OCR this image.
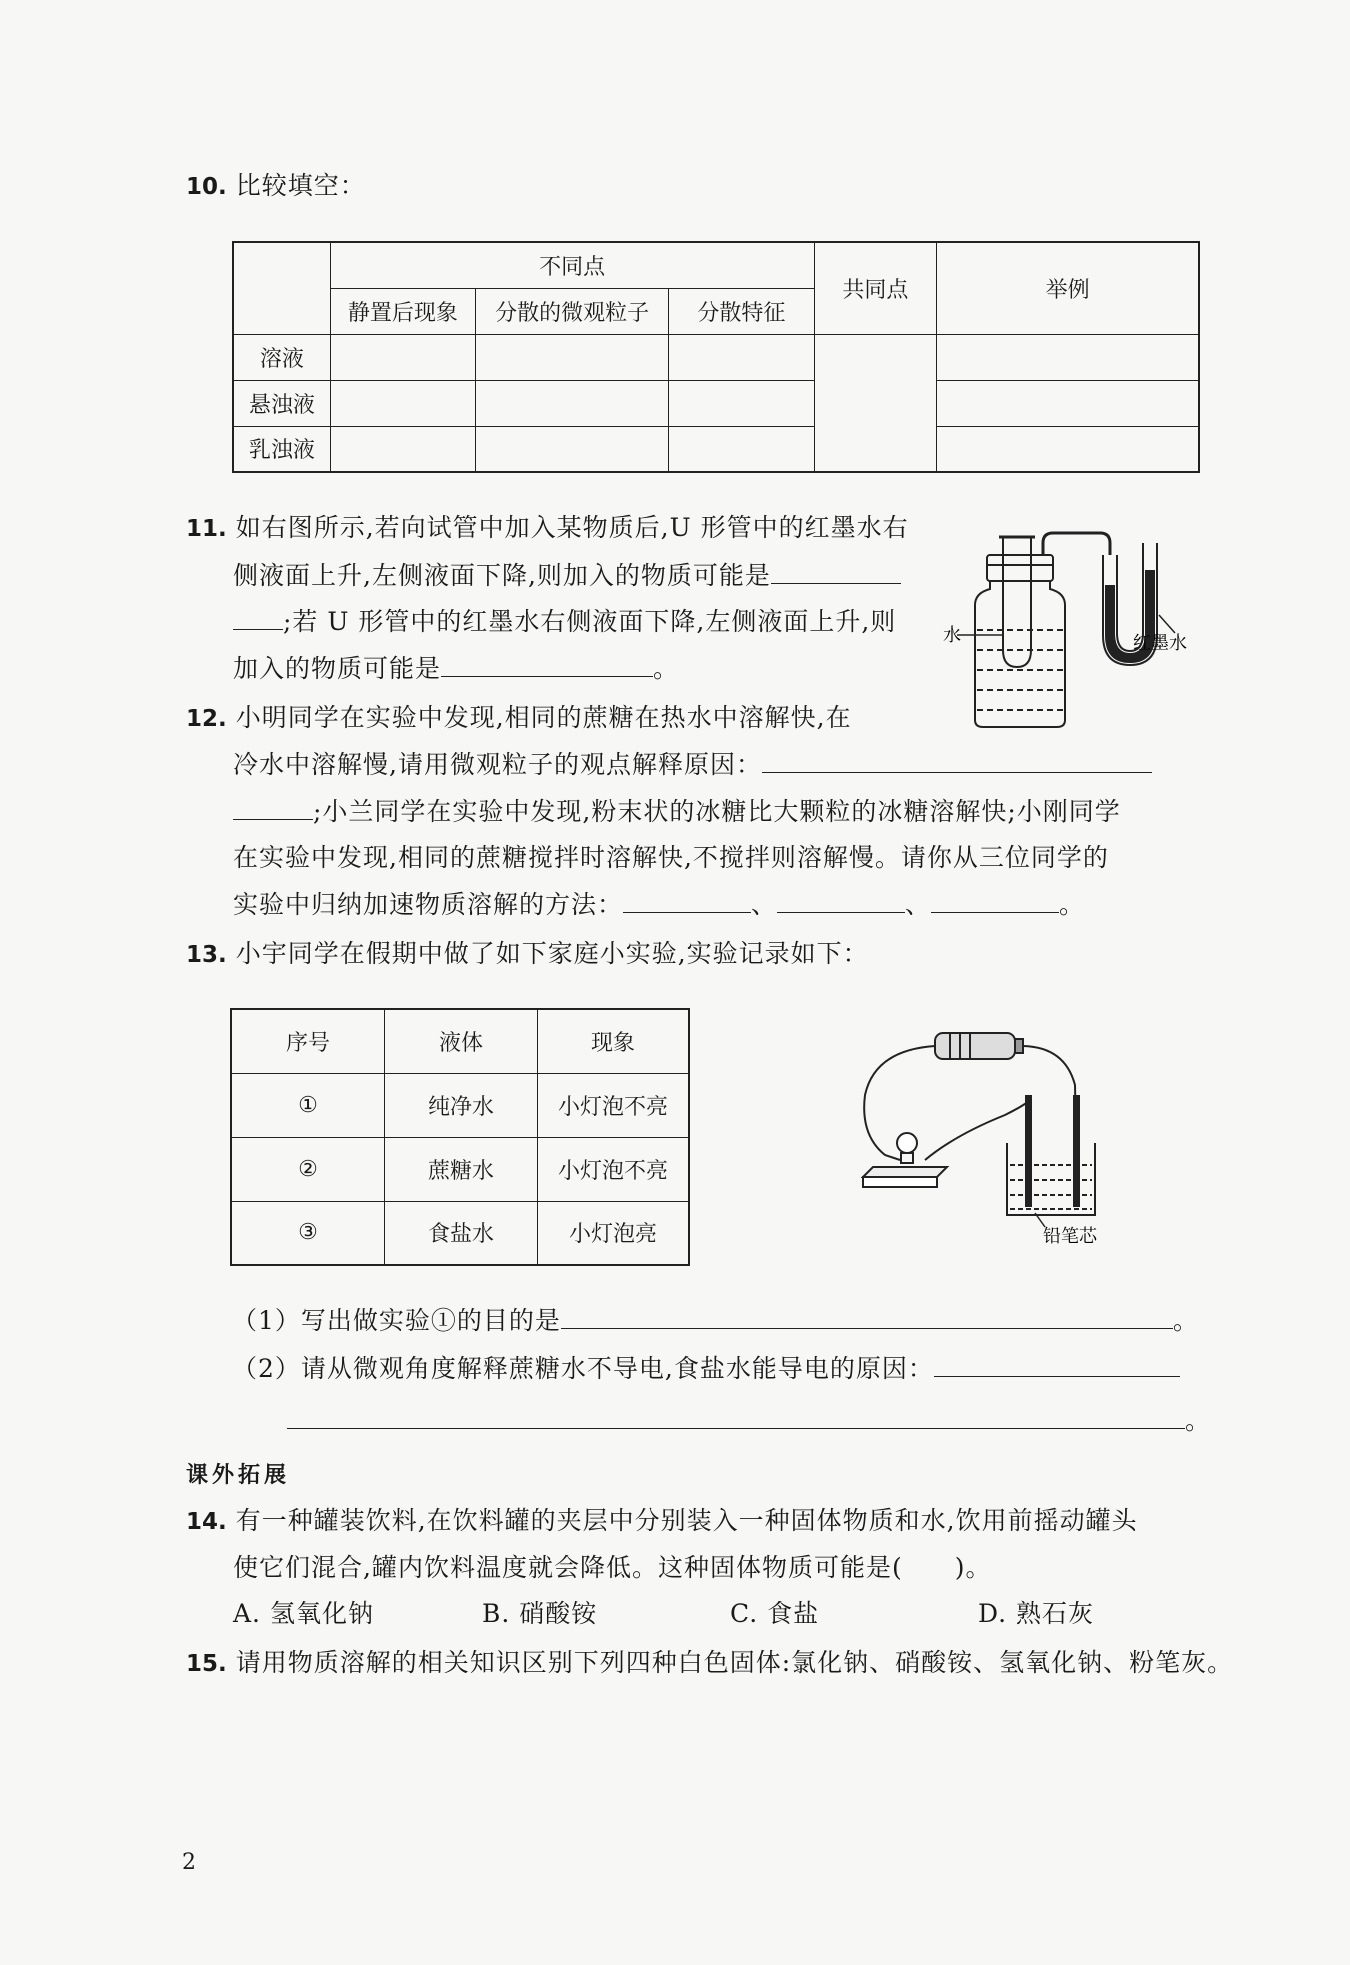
10. 比较填空：
	不同点			共同点	举例
	静置后现象	分散的微观粒子	分散特征		
溶液					
悬浊液					
乳浊液					
11. 如右图所示,若向试管中加入某物质后,U 形管中的红墨水右
侧液面上升,左侧液面下降,则加入的物质可能是
;若 U 形管中的红墨水右侧液面下降,左侧液面上升,则
加入的物质可能是	。
水	红墨水
12. 小明同学在实验中发现,相同的蔗糖在热水中溶解快,在
冷水中溶解慢,请用微观粒子的观点解释原因：
;小兰同学在实验中发现,粉末状的冰糖比大颗粒的冰糖溶解快;小刚同学
在实验中发现,相同的蔗糖搅拌时溶解快,不搅拌则溶解慢。请你从三位同学的
实验中归纳加速物质溶解的方法：	、	、	。
13. 小宇同学在假期中做了如下家庭小实验,实验记录如下：
序号	液体	现象
①	纯净水	小灯泡不亮
②	蔗糖水	小灯泡不亮
③	食盐水	小灯泡亮	铅笔芯
（1）写出做实验①的目的是	。
（2）请从微观角度解释蔗糖水不导电,食盐水能导电的原因：
。
课外拓展
14. 有一种罐装饮料,在饮料罐的夹层中分别装入一种固体物质和水,饮用前摇动罐头
使它们混合,罐内饮料温度就会降低。这种固体物质可能是(　　)。
A. 氢氧化钠	B. 硝酸铵	C. 食盐	D. 熟石灰
15. 请用物质溶解的相关知识区别下列四种白色固体:氯化钠、硝酸铵、氢氧化钠、粉笔灰。
2
